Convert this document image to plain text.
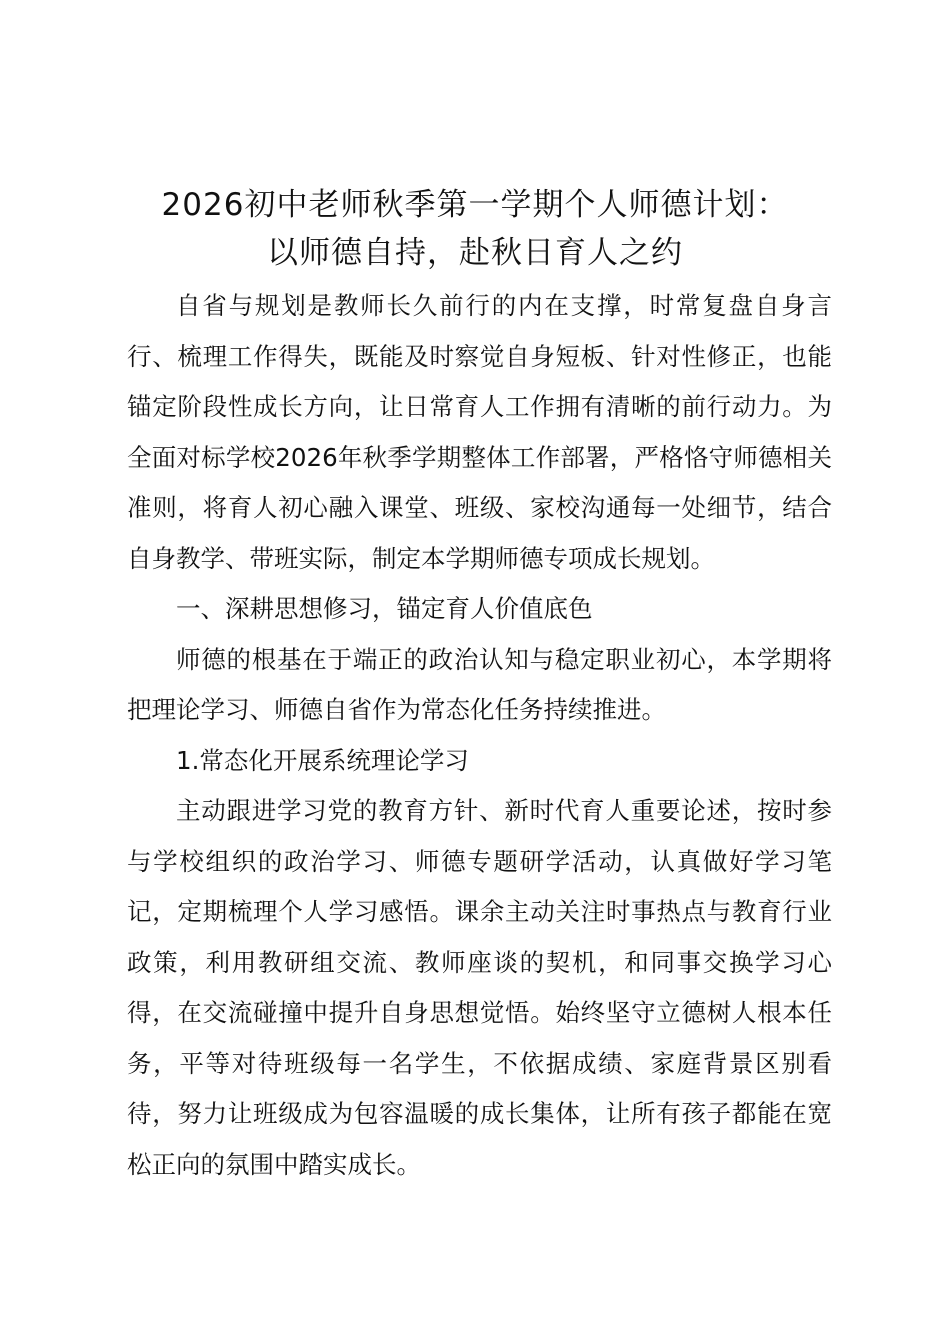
2026初中老师秋季第一学期个人师德计划：
以师德自持，赴秋日育人之约

自省与规划是教师长久前行的内在支撑，时常复盘自身言行、梳理工作得失，既能及时察觉自身短板、针对性修正，也能锚定阶段性成长方向，让日常育人工作拥有清晰的前行动力。为全面对标学校2026年秋季学期整体工作部署，严格恪守师德相关准则，将育人初心融入课堂、班级、家校沟通每一处细节，结合自身教学、带班实际，制定本学期师德专项成长规划。

一、深耕思想修习，锚定育人价值底色

师德的根基在于端正的政治认知与稳定职业初心，本学期将把理论学习、师德自省作为常态化任务持续推进。

1.常态化开展系统理论学习

主动跟进学习党的教育方针、新时代育人重要论述，按时参与学校组织的政治学习、师德专题研学活动，认真做好学习笔记，定期梳理个人学习感悟。课余主动关注时事热点与教育行业政策，利用教研组交流、教师座谈的契机，和同事交换学习心得，在交流碰撞中提升自身思想觉悟。始终坚守立德树人根本任务，平等对待班级每一名学生，不依据成绩、家庭背景区别看待，努力让班级成为包容温暖的成长集体，让所有孩子都能在宽松正向的氛围中踏实成长。
